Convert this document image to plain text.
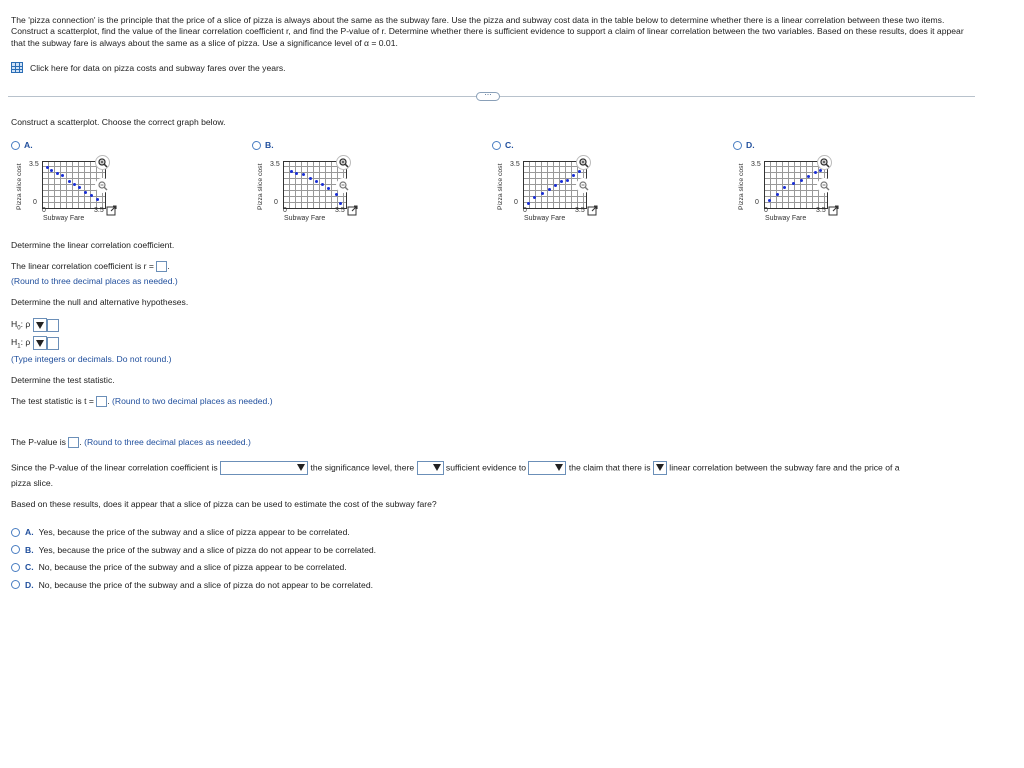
The 'pizza connection' is the principle that the price of a slice of pizza is always about the same as the subway fare. Use the pizza and subway cost data in the table below to determine whether there is a linear correlation between these two items. Construct a scatterplot, find the value of the linear correlation coefficient r, and find the P-value of r. Determine whether there is sufficient evidence to support a claim of linear correlation between the two variables. Based on these results, does it appear that the subway fare is always about the same as a slice of pizza. Use a significance level of α = 0.01.
Click here for data on pizza costs and subway fares over the years.
⋯
Construct a scatterplot. Choose the correct graph below.
A.
Pizza slice cost 3.5
0
0	3.5
Subway Fare
B.
Pizza slice cost 3.5
0
0	3.5
Subway Fare
C.
Pizza slice cost 3.5
0
0	3.5
Subway Fare
D.
Pizza slice cost 3.5
0
0	3.5
Subway Fare
Determine the linear correlation coefficient.
The linear correlation coefficient is r = .
(Round to three decimal places as needed.)
Determine the null and alternative hypotheses.
$H_0$: ρ
$H_1$: ρ
(Type integers or decimals. Do not round.)
Determine the test statistic.
The test statistic is t = . (Round to two decimal places as needed.)
The P-value is . (Round to three decimal places as needed.)
Since the P-value of the linear correlation coefficient is	the significance level, there	sufficient evidence to	the claim that there is linear correlation between the subway fare and the price of a
pizza slice.
Based on these results, does it appear that a slice of pizza can be used to estimate the cost of the subway fare?
A. Yes, because the price of the subway and a slice of pizza appear to be correlated.
B. Yes, because the price of the subway and a slice of pizza do not appear to be correlated.
C. No, because the price of the subway and a slice of pizza appear to be correlated.
D. No, because the price of the subway and a slice of pizza do not appear to be correlated.
